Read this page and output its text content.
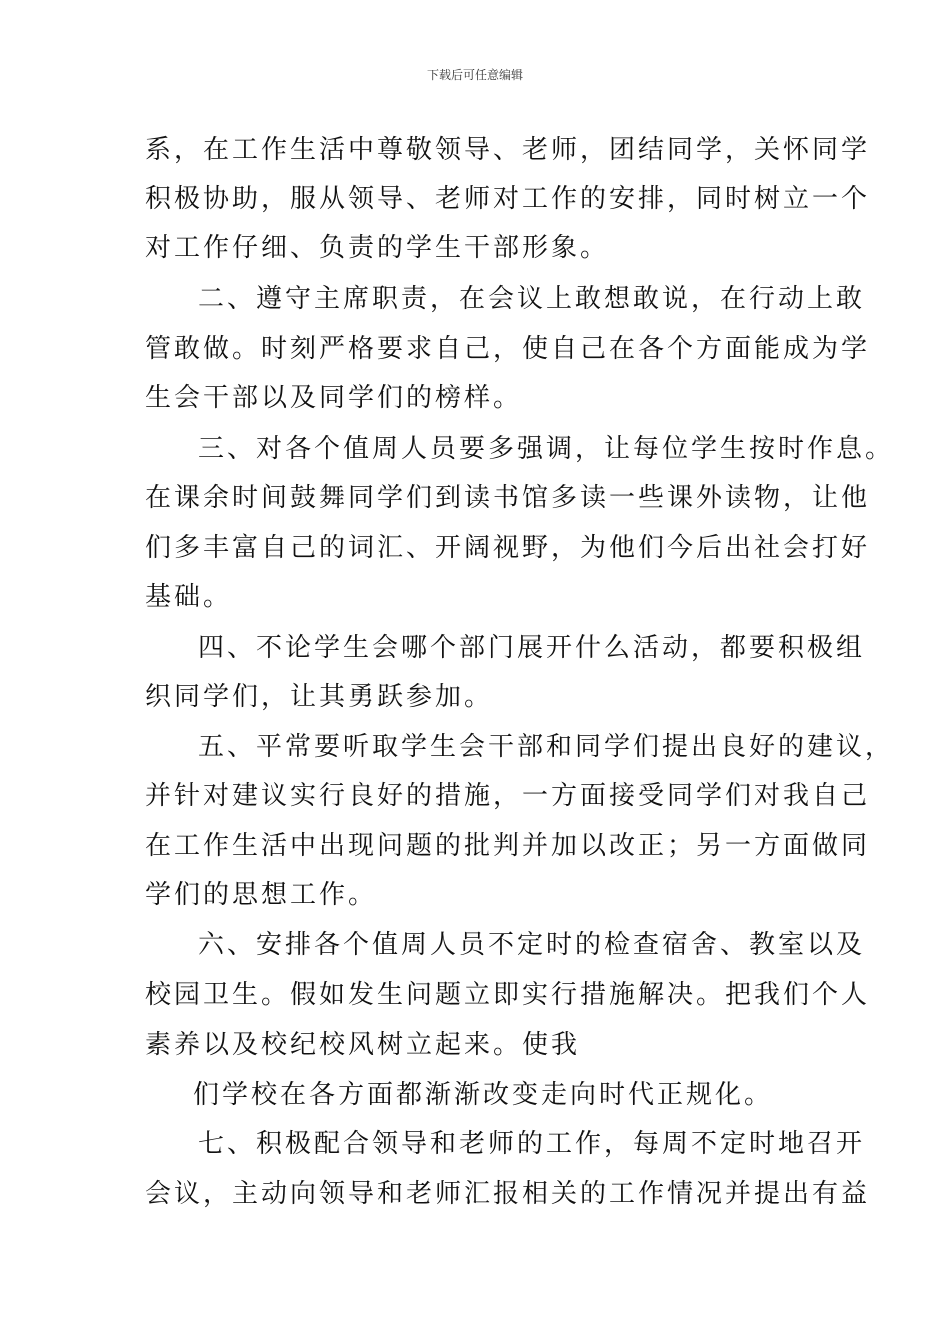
下载后可任意编辑
系，在工作生活中尊敬领导、老师，团结同学，关怀同学
积极协助，服从领导、老师对工作的安排，同时树立一个
对工作仔细、负责的学生干部形象。
二、遵守主席职责，在会议上敢想敢说，在行动上敢
管敢做。时刻严格要求自己，使自己在各个方面能成为学
生会干部以及同学们的榜样。
三、对各个值周人员要多强调，让每位学生按时作息。
在课余时间鼓舞同学们到读书馆多读一些课外读物，让他
们多丰富自己的词汇、开阔视野，为他们今后出社会打好
基础。
四、不论学生会哪个部门展开什么活动，都要积极组
织同学们，让其勇跃参加。
五、平常要听取学生会干部和同学们提出良好的建议，
并针对建议实行良好的措施，一方面接受同学们对我自己
在工作生活中出现问题的批判并加以改正；另一方面做同
学们的思想工作。
六、安排各个值周人员不定时的检查宿舍、教室以及
校园卫生。假如发生问题立即实行措施解决。把我们个人
素养以及校纪校风树立起来。使我
们学校在各方面都渐渐改变走向时代正规化。
七、积极配合领导和老师的工作，每周不定时地召开
会议，主动向领导和老师汇报相关的工作情况并提出有益
